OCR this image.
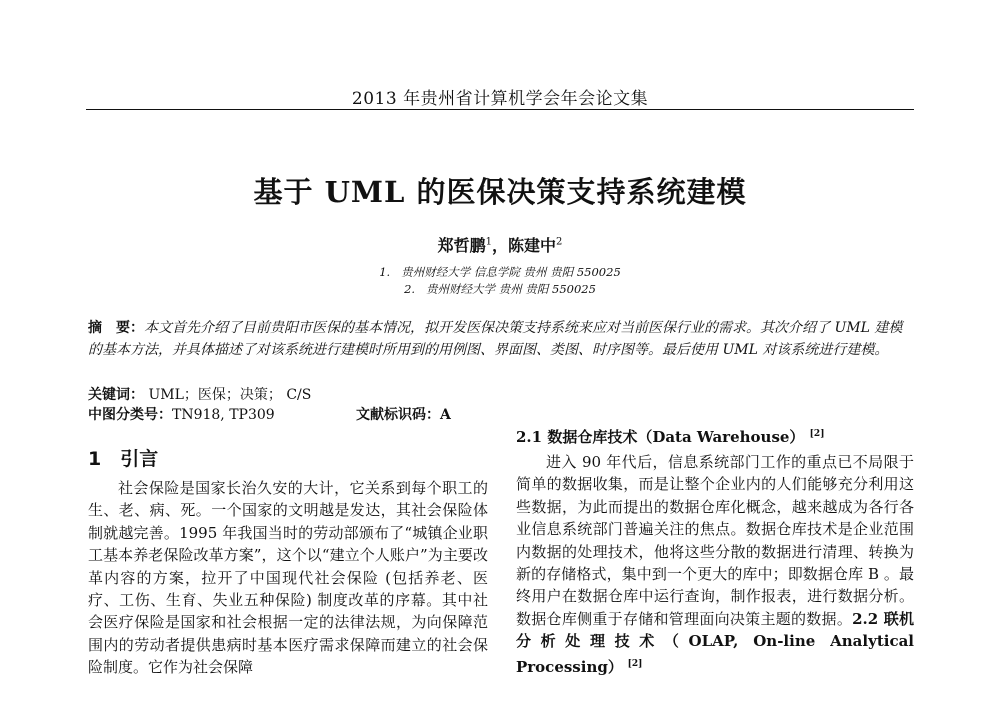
2013 年贵州省计算机学会年会论文集
基于 UML 的医保决策支持系统建模
郑哲鹏$^1$，陈建中$^2$
1. 贵州财经大学 信息学院 贵州 贵阳 550025
2. 贵州财经大学 贵州 贵阳 550025
摘　要：本文首先介绍了目前贵阳市医保的基本情况，拟开发医保决策支持系统来应对当前医保行业的需求。其次介绍了 UML 建模的基本方法，并具体描述了对该系统进行建模时所用到的用例图、界面图、类图、时序图等。最后使用 UML 对该系统进行建模。
关键词： UML；医保；决策； C/S
中图分类号：TN918, TP309	文献标识码：A
1　引言

社会保险是国家长治久安的大计，它关系到每个职工的生、老、病、死。一个国家的文明越是发达，其社会保险体制就越完善。1995 年我国当时的劳动部颁布了“城镇企业职工基本养老保险改革方案”，这个以“建立个人账户”为主要改革内容的方案，拉开了中国现代社会保险 (包括养老、医疗、工伤、生育、失业五种保险) 制度改革的序幕。其中社会医疗保险是国家和社会根据一定的法律法规，为向保障范围内的劳动者提供患病时基本医疗需求保障而建立的社会保险制度。它作为社会保障

2.1 数据仓库技术（Data Warehouse） [2]

进入 90 年代后，信息系统部门工作的重点已不局限于简单的数据收集，而是让整个企业内的人们能够充分利用这些数据，为此而提出的数据仓库化概念，越来越成为各行各业信息系统部门普遍关注的焦点。数据仓库技术是企业范围内数据的处理技术，他将这些分散的数据进行清理、转换为新的存储格式，集中到一个更大的库中；即数据仓库 B 。最终用户在数据仓库中运行查询，制作报表，进行数据分析。数据仓库侧重于存储和管理面向决策主题的数据。2.2 联机分析处理技术（OLAP, On-line Analytical Processing） [2]
